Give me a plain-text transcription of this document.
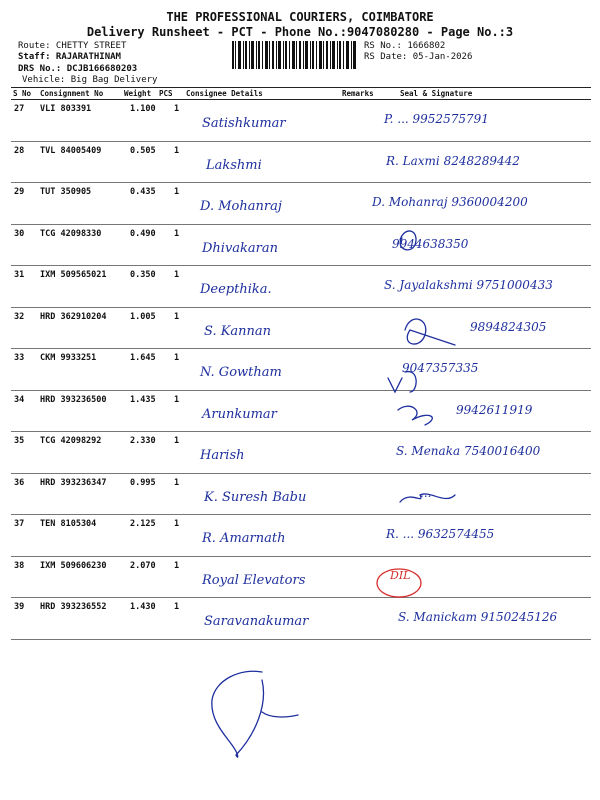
THE PROFESSIONAL COURIERS, COIMBATORE
Delivery Runsheet - PCT - Phone No.:9047080280 - Page No.:3
Route: CHETTY STREET
Staff: RAJARATHINAM
DRS No.: DCJB166680203
Vehicle: Big Bag Delivery
RS No.: 1666802
RS Date: 05-Jan-2026
S No Consignment No	Weight PCS Consignee Details	Remarks	Seal & Signature
27 VLI 803391	1.100 1
Satishkumar	P. ... 9952575791
28 TVL 84005409	0.505 1
Lakshmi	R. Laxmi 8248289442
29 TUT 350905	0.435 1
D. Mohanraj	D. Mohanraj 9360004200
30 TCG 42098330	0.490 1
Dhivakaran	9944638350
31 IXM 509565021	0.350 1
Deepthika.	S. Jayalakshmi 9751000433
32 HRD 362910204	1.005 1
S. Kannan	9894824305
33 CKM 9933251	1.645 1
N. Gowtham	9047357335
34 HRD 393236500	1.435 1
Arunkumar	9942611919
35 TCG 42098292	2.330 1
Harish	S. Menaka 7540016400
36 HRD 393236347	0.995 1
K. Suresh Babu	...
37 TEN 8105304	2.125 1
R. Amarnath	R. ... 9632574455
38 IXM 509606230	2.070 1
Royal Elevators	DIL
39 HRD 393236552	1.430 1
Saravanakumar	S. Manickam 9150245126
